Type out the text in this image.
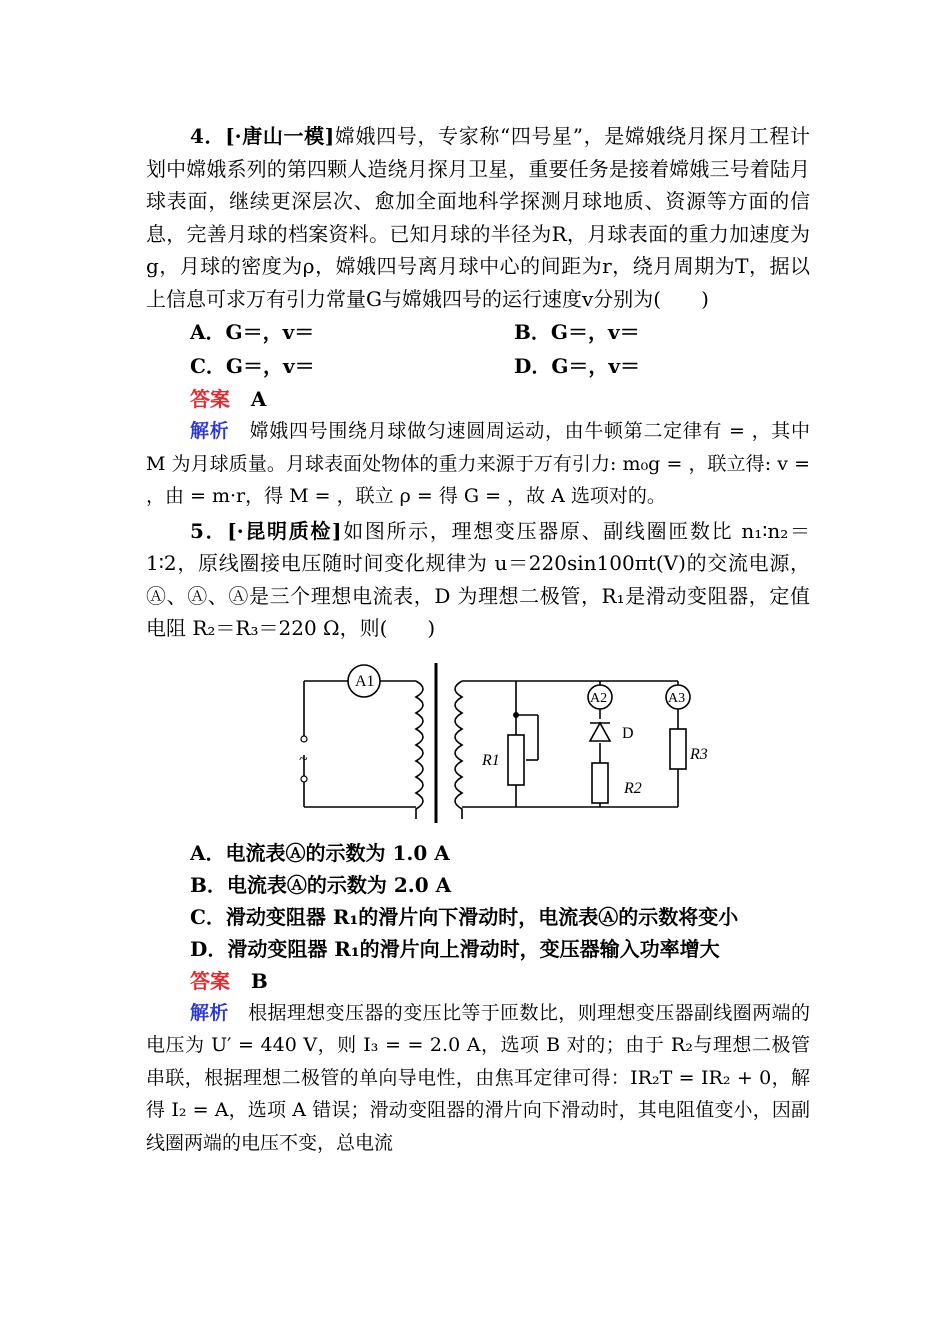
4．[·唐山一模]嫦娥四号，专家称“四号星”，是嫦娥绕月探月工程计划中嫦娥系列的第四颗人造绕月探月卫星，重要任务是接着嫦娥三号着陆月球表面，继续更深层次、愈加全面地科学探测月球地质、资源等方面的信息，完善月球的档案资料。已知月球的半径为R，月球表面的重力加速度为g，月球的密度为ρ，嫦娥四号离月球中心的间距为r，绕月周期为T，据以上信息可求万有引力常量G与嫦娥四号的运行速度v分别为(　　)

A．G＝，v＝	B．G＝，v＝
C．G＝，v＝	D．G＝，v＝
答案 A

解析 嫦娥四号围绕月球做匀速圆周运动，由牛顿第二定律有 = ，其中 M 为月球质量。月球表面处物体的重力来源于万有引力: m₀g = ，联立得: v = ，由 = m·r，得 M = ，联立 ρ = 得 G = ，故 A 选项对的。

5．[·昆明质检]如图所示，理想变压器原、副线圈匝数比 n₁∶n₂＝1∶2，原线圈接电压随时间变化规律为 u＝220sin100πt(V)的交流电源，Ⓐ、Ⓐ、Ⓐ是三个理想电流表，D 为理想二极管，R₁是滑动变阻器，定值电阻 R₂＝R₃＝220 Ω，则(　　)

A1
A2	A3
~	R1
D
R2
R3
A．电流表Ⓐ的示数为 1.0 A
B．电流表Ⓐ的示数为 2.0 A
C．滑动变阻器 R₁的滑片向下滑动时，电流表Ⓐ的示数将变小
D．滑动变阻器 R₁的滑片向上滑动时，变压器输入功率增大
答案 B

解析 根据理想变压器的变压比等于匝数比，则理想变压器副线圈两端的电压为 U′ = 440 V，则 I₃ = = 2.0 A，选项 B 对的；由于 R₂与理想二极管串联，根据理想二极管的单向导电性，由焦耳定律可得：IR₂T = IR₂ + 0，解得 I₂ = A，选项 A 错误；滑动变阻器的滑片向下滑动时，其电阻值变小，因副线圈两端的电压不变，总电流
